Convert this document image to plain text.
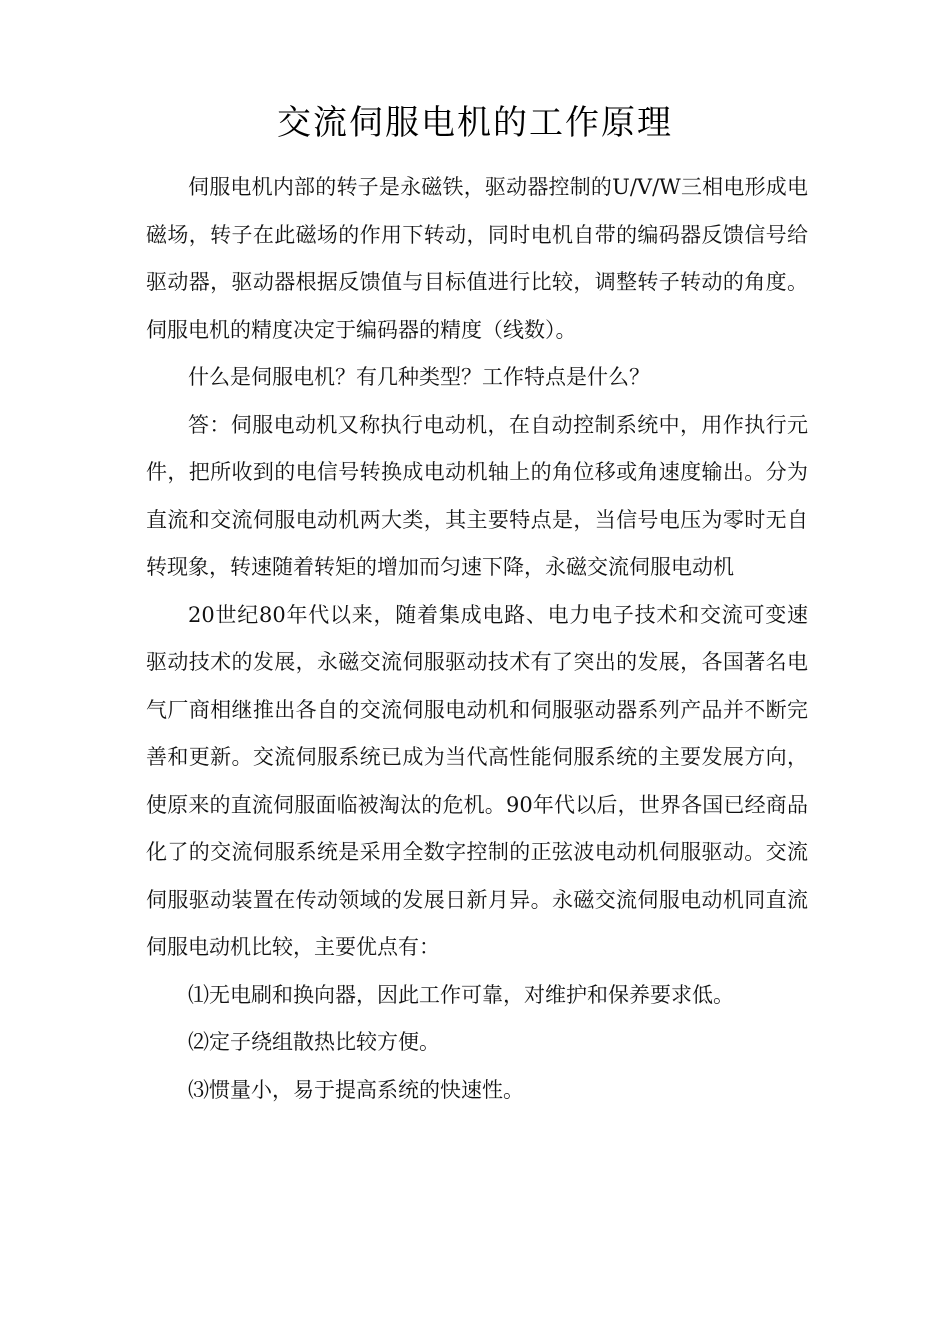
交流伺服电机的工作原理

伺服电机内部的转子是永磁铁，驱动器控制的U/V/W三相电形成电磁场，转子在此磁场的作用下转动，同时电机自带的编码器反馈信号给驱动器，驱动器根据反馈值与目标值进行比较，调整转子转动的角度。伺服电机的精度决定于编码器的精度（线数）。

什么是伺服电机？有几种类型？工作特点是什么？

答：伺服电动机又称执行电动机，在自动控制系统中，用作执行元件，把所收到的电信号转换成电动机轴上的角位移或角速度输出。分为直流和交流伺服电动机两大类，其主要特点是，当信号电压为零时无自转现象，转速随着转矩的增加而匀速下降，永磁交流伺服电动机

20世纪80年代以来，随着集成电路、电力电子技术和交流可变速驱动技术的发展，永磁交流伺服驱动技术有了突出的发展，各国著名电气厂商相继推出各自的交流伺服电动机和伺服驱动器系列产品并不断完善和更新。交流伺服系统已成为当代高性能伺服系统的主要发展方向，使原来的直流伺服面临被淘汰的危机。90年代以后，世界各国已经商品化了的交流伺服系统是采用全数字控制的正弦波电动机伺服驱动。交流伺服驱动装置在传动领域的发展日新月异。永磁交流伺服电动机同直流伺服电动机比较，主要优点有：

⑴无电刷和换向器，因此工作可靠，对维护和保养要求低。

⑵定子绕组散热比较方便。

⑶惯量小，易于提高系统的快速性。
